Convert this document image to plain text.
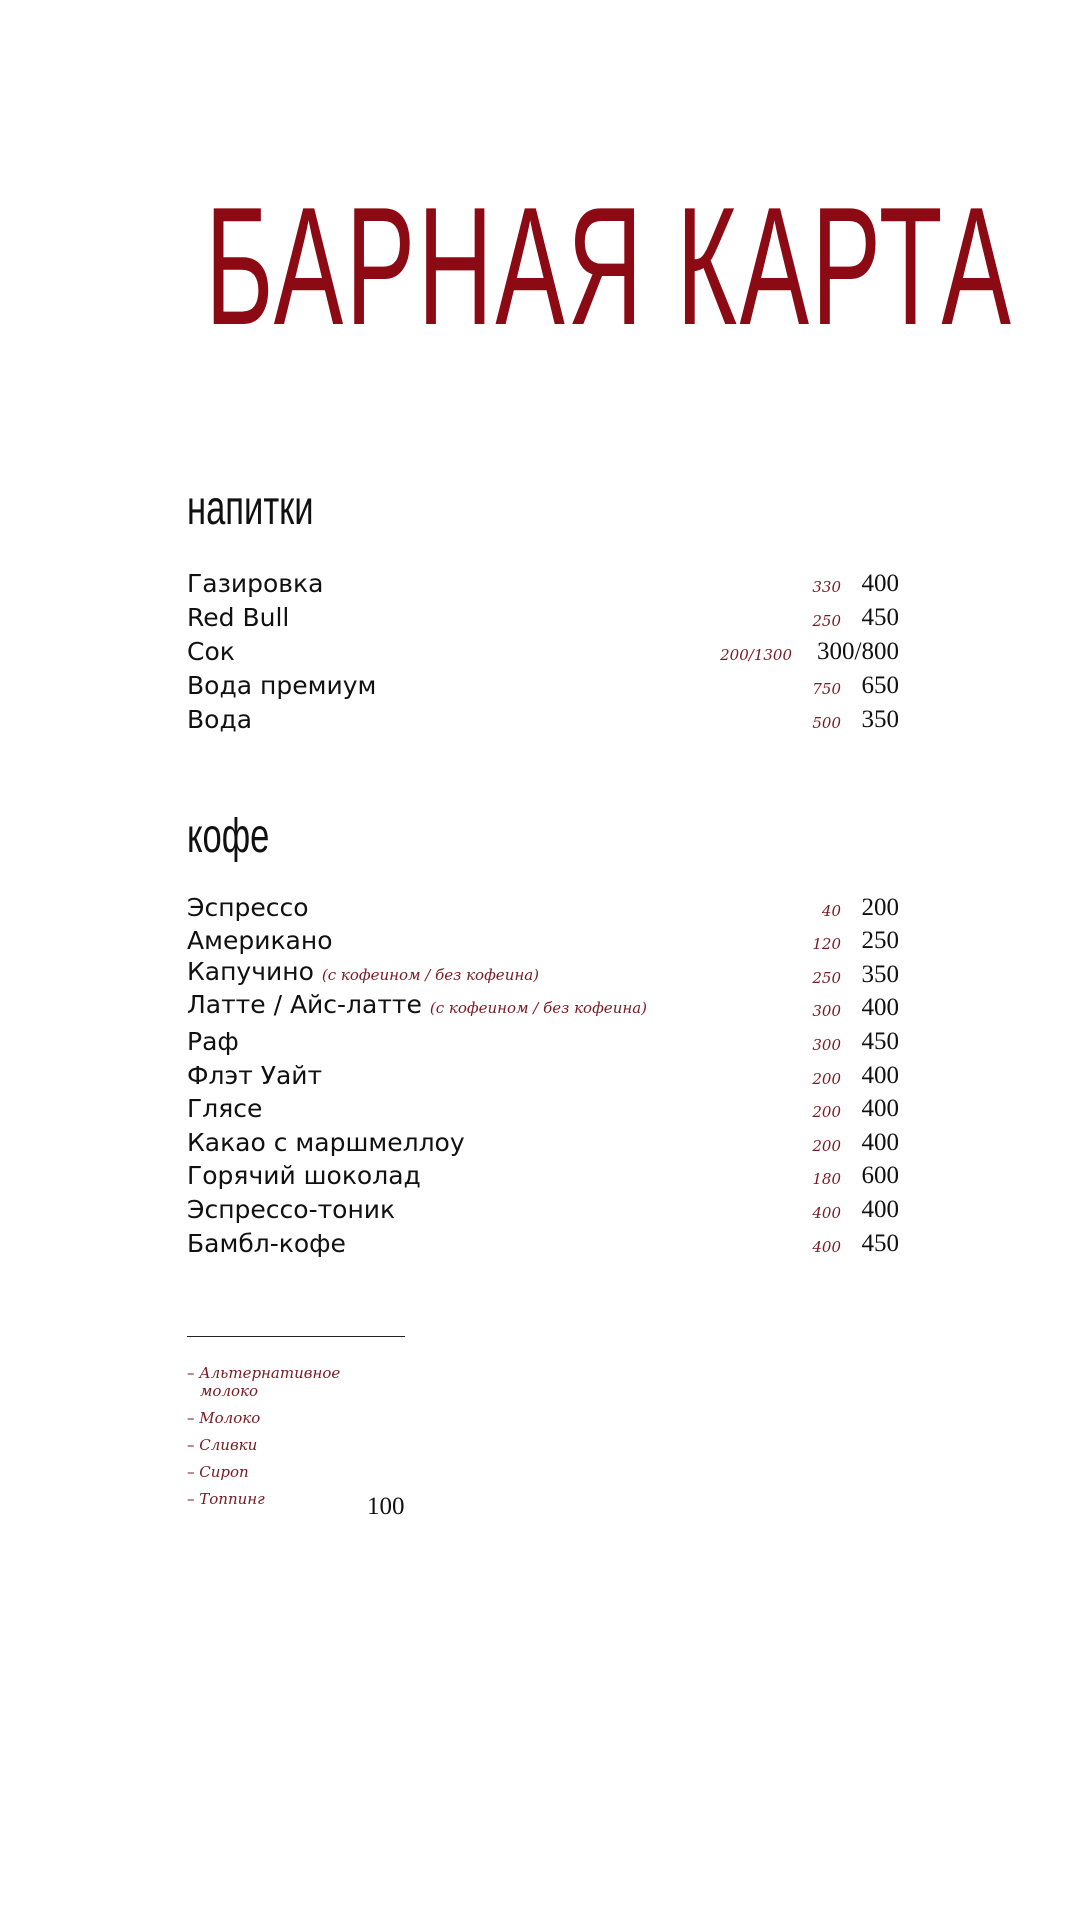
БАРНАЯ КАРТА
напитки
Газировка	330 400
Red Bull	250 450
Сок	200/1300 300/800
Вода премиум	750 650
Вода	500 350
кофе
Эспрессо	40 200
Американо	120 250
Капучино (с кофеином / без кофеина)	250 350
Латте / Айс-латте (с кофеином / без кофеина)	300 400
Раф	300 450
Флэт Уайт	200 400
Глясе	200 400
Какао с маршмеллоу	200 400
Горячий шоколад	180 600
Эспрессо-тоник	400 400
Бамбл-кофе	400 450
– Альтернативное молоко
– Молоко
– Сливки
– Сироп
– Топпинг	100
